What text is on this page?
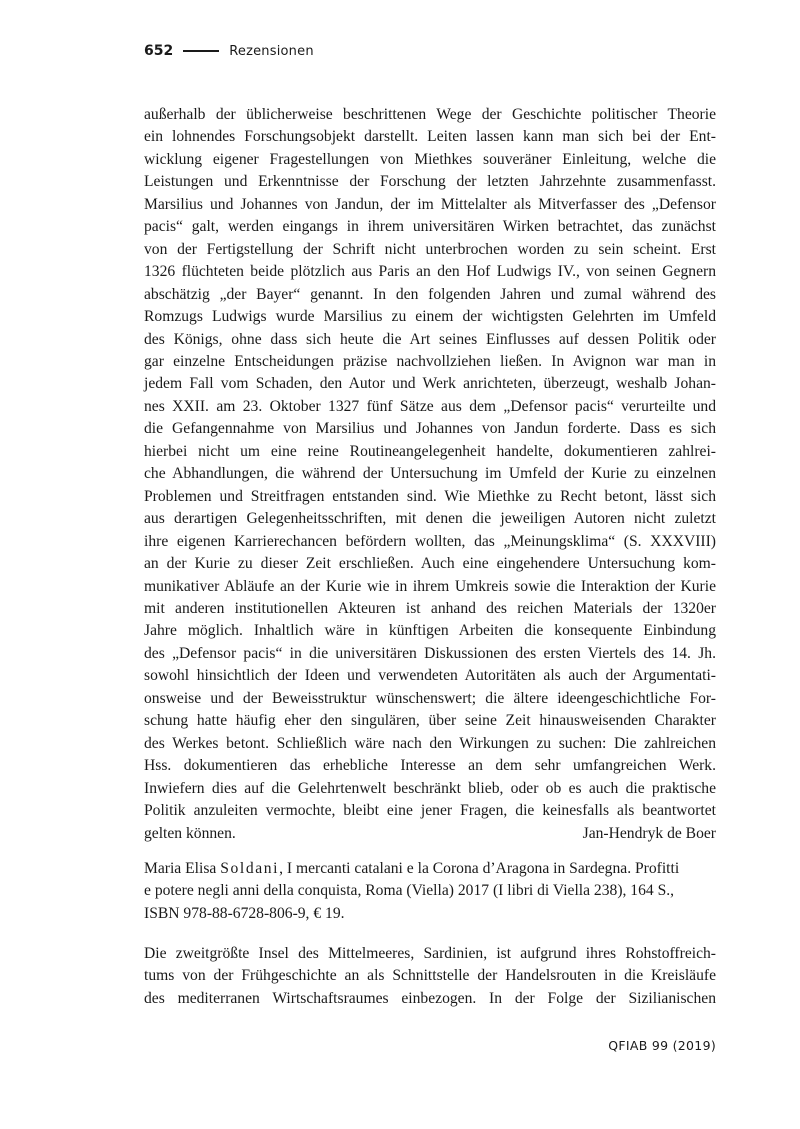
652	Rezensionen
außerhalb der üblicherweise beschrittenen Wege der Geschichte politischer Theorie
ein lohnendes Forschungsobjekt darstellt. Leiten lassen kann man sich bei der Ent-
wicklung eigener Fragestellungen von Miethkes souveräner Einleitung, welche die
Leistungen und Erkenntnisse der Forschung der letzten Jahrzehnte zusammenfasst.
Marsilius und Johannes von Jandun, der im Mittelalter als Mitverfasser des „Defensor
pacis“ galt, werden eingangs in ihrem universitären Wirken betrachtet, das zunächst
von der Fertigstellung der Schrift nicht unterbrochen worden zu sein scheint. Erst
1326 flüchteten beide plötzlich aus Paris an den Hof Ludwigs IV., von seinen Gegnern
abschätzig „der Bayer“ genannt. In den folgenden Jahren und zumal während des
Romzugs Ludwigs wurde Marsilius zu einem der wichtigsten Gelehrten im Umfeld
des Königs, ohne dass sich heute die Art seines Einflusses auf dessen Politik oder
gar einzelne Entscheidungen präzise nachvollziehen ließen. In Avignon war man in
jedem Fall vom Schaden, den Autor und Werk anrichteten, überzeugt, weshalb Johan-
nes XXII. am 23. Oktober 1327 fünf Sätze aus dem „Defensor pacis“ verurteilte und
die Gefangennahme von Marsilius und Johannes von Jandun forderte. Dass es sich
hierbei nicht um eine reine Routineangelegenheit handelte, dokumentieren zahlrei-
che Abhandlungen, die während der Untersuchung im Umfeld der Kurie zu einzelnen
Problemen und Streitfragen entstanden sind. Wie Miethke zu Recht betont, lässt sich
aus derartigen Gelegenheitsschriften, mit denen die jeweiligen Autoren nicht zuletzt
ihre eigenen Karrierechancen befördern wollten, das „Meinungsklima“ (S. XXXVIII)
an der Kurie zu dieser Zeit erschließen. Auch eine eingehendere Untersuchung kom-
munikativer Abläufe an der Kurie wie in ihrem Umkreis sowie die Interaktion der Kurie
mit anderen institutionellen Akteuren ist anhand des reichen Materials der 1320er
Jahre möglich. Inhaltlich wäre in künftigen Arbeiten die konsequente Einbindung
des „Defensor pacis“ in die universitären Diskussionen des ersten Viertels des 14. Jh.
sowohl hinsichtlich der Ideen und verwendeten Autoritäten als auch der Argumentati-
onsweise und der Beweisstruktur wünschenswert; die ältere ideengeschichtliche For-
schung hatte häufig eher den singulären, über seine Zeit hinausweisenden Charakter
des Werkes betont. Schließlich wäre nach den Wirkungen zu suchen: Die zahlreichen
Hss. dokumentieren das erhebliche Interesse an dem sehr umfangreichen Werk.
Inwiefern dies auf die Gelehrtenwelt beschränkt blieb, oder ob es auch die praktische
Politik anzuleiten vermochte, bleibt eine jener Fragen, die keinesfalls als beantwortet
gelten können.	Jan-Hendryk de Boer
Maria Elisa Soldani, I mercanti catalani e la Corona d’Aragona in Sardegna. Profitti
e potere negli anni della conquista, Roma (Viella) 2017 (I libri di Viella 238), 164 S.,
ISBN 978-88-6728-806-9, € 19.
Die zweitgrößte Insel des Mittelmeeres, Sardinien, ist aufgrund ihres Rohstoffreich-
tums von der Frühgeschichte an als Schnittstelle der Handelsrouten in die Kreisläufe
des mediterranen Wirtschaftsraumes einbezogen. In der Folge der Sizilianischen
QFIAB 99 (2019)
